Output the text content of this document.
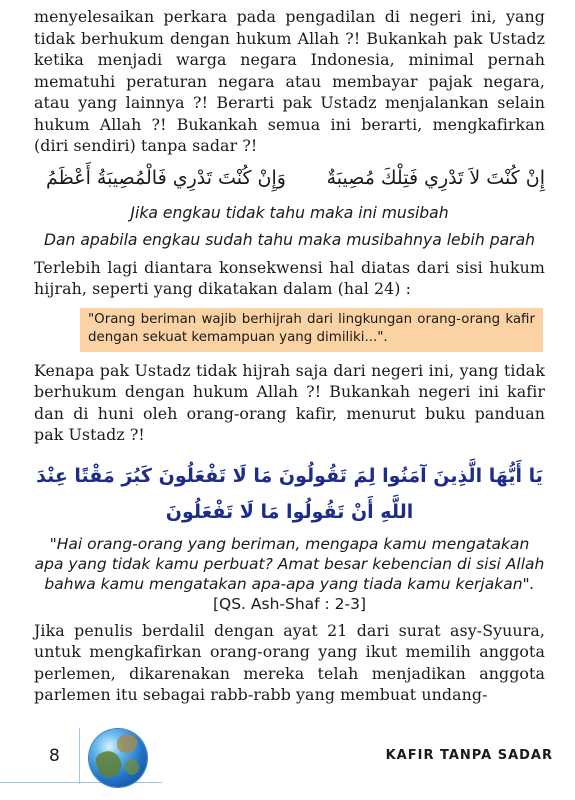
menyelesaikan perkara pada pengadilan di negeri ini, yang tidak berhukum dengan hukum Allah ?! Bukankah pak Ustadz ketika menjadi warga negara Indonesia, minimal pernah mematuhi peraturan negara atau membayar pajak negara, atau yang lainnya ?! Berarti pak Ustadz menjalankan selain hukum Allah ?! Bukankah semua ini berarti, mengkafirkan (diri sendiri) tanpa sadar ?!

إِنْ كُنْتَ لاَ تَدْرِي فَتِلْكَ مُصِيبَةٌ
وَإِنْ كُنْتَ تَدْرِي فَالْمُصِيبَةُ أَعْظَمُ

Jika engkau tidak tahu maka ini musibah

Dan apabila engkau sudah tahu maka musibahnya lebih parah

Terlebih lagi diantara konsekwensi hal diatas dari sisi hukum hijrah, seperti yang dikatakan dalam (hal 24) :

"Orang beriman wajib berhijrah dari lingkungan orang-orang kafir dengan sekuat kemampuan yang dimiliki...".

Kenapa pak Ustadz tidak hijrah saja dari negeri ini, yang tidak berhukum dengan hukum Allah ?! Bukankah negeri ini kafir dan di huni oleh orang-orang kafir, menurut buku panduan pak Ustadz ?!

يَا أَيُّهَا الَّذِينَ آمَنُوا لِمَ تَقُولُونَ مَا لَا تَفْعَلُونَ كَبُرَ مَقْتًا عِنْدَ اللَّهِ أَنْ تَقُولُوا مَا لَا تَفْعَلُونَ

"Hai orang-orang yang beriman, mengapa kamu mengatakan apa yang tidak kamu perbuat? Amat besar kebencian di sisi Allah bahwa kamu mengatakan apa-apa yang tiada kamu kerjakan". [QS. Ash-Shaf : 2-3]

Jika penulis berdalil dengan ayat 21 dari surat asy-Syuura, untuk mengkafirkan orang-orang yang ikut memilih anggota perlemen, dikarenakan mereka telah menjadikan anggota parlemen itu sebagai rabb-rabb yang membuat undang-

8	KAFIR TANPA SADAR
